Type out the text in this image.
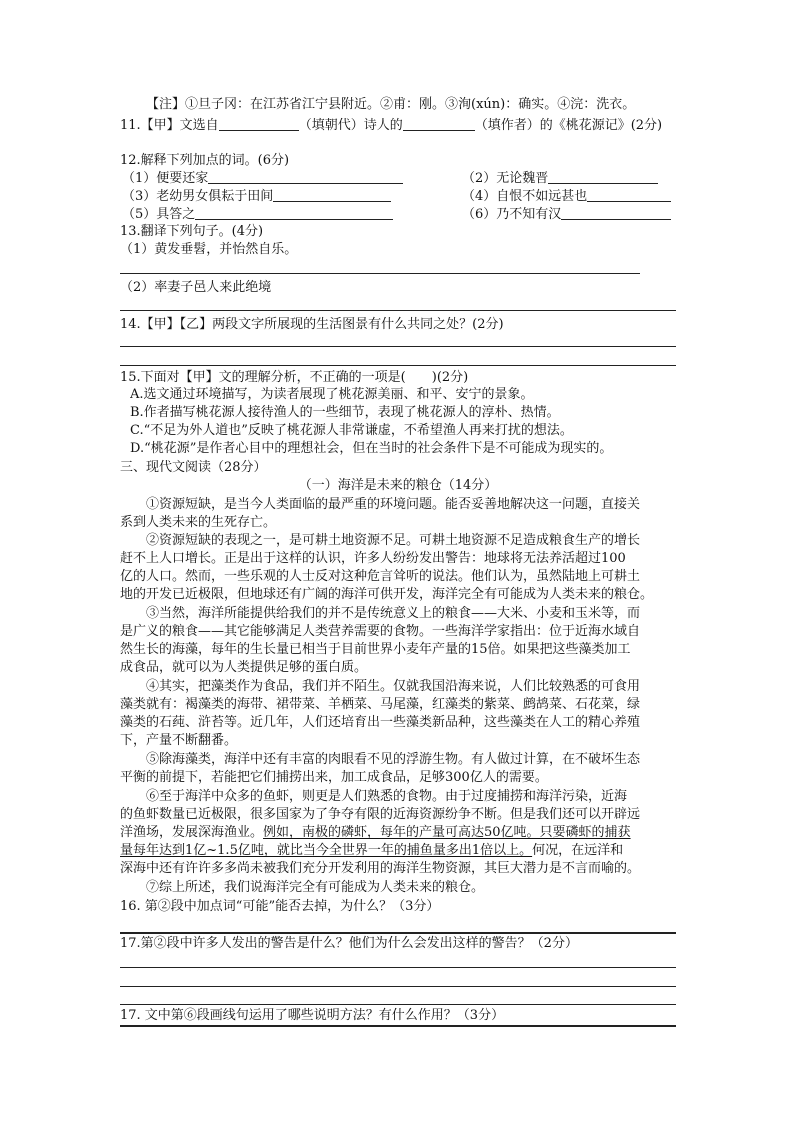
【注】①旦子冈：在江苏省江宁县附近。②甫：刚。③洵(xún)：确实。④浣：洗衣。
11.【甲】文选自	（填朝代）诗人的	（填作者）的《桃花源记》(2分)
12.解释下列加点的词。(6分)
（1）便要还家	（2）无论魏晋
（3）老幼男女俱耘于田间	（4）自恨不如远甚也
（5）具答之	（6）乃不知有汉
13.翻译下列句子。(4分)
（1）黄发垂髫，并怡然自乐。
（2）率妻子邑人来此绝境
14.【甲】【乙】两段文字所展现的生活图景有什么共同之处？(2分)
15.下面对【甲】文的理解分析，不正确的一项是(　　)(2分)
A.选文通过环境描写，为读者展现了桃花源美丽、和平、安宁的景象。
B.作者描写桃花源人接待渔人的一些细节，表现了桃花源人的淳朴、热情。
C.“不足为外人道也”反映了桃花源人非常谦虚，不希望渔人再来打扰的想法。
D.“桃花源”是作者心目中的理想社会，但在当时的社会条件下是不可能成为现实的。
三、现代文阅读（28分）
（一）海洋是未来的粮仓（14分）
①资源短缺，是当今人类面临的最严重的环境问题。能否妥善地解决这一问题，直接关
系到人类未来的生死存亡。
②资源短缺的表现之一，是可耕土地资源不足。可耕土地资源不足造成粮食生产的增长
赶不上人口增长。正是出于这样的认识，许多人纷纷发出警告：地球将无法养活超过100
亿的人口。然而，一些乐观的人士反对这种危言耸听的说法。他们认为，虽然陆地上可耕土
地的开发已近极限，但地球还有广阔的海洋可供开发，海洋完全有可能成为人类未来的粮仓。
③当然，海洋所能提供给我们的并不是传统意义上的粮食——大米、小麦和玉米等，而
是广义的粮食——其它能够满足人类营养需要的食物。一些海洋学家指出：位于近海水域自
然生长的海藻，每年的生长量已相当于目前世界小麦年产量的15倍。如果把这些藻类加工
成食品，就可以为人类提供足够的蛋白质。
④其实，把藻类作为食品，我们并不陌生。仅就我国沿海来说，人们比较熟悉的可食用
藻类就有：褐藻类的海带、裙带菜、羊栖菜、马尾藻，红藻类的紫菜、鹧鸪菜、石花菜，绿
藻类的石莼、浒苔等。近几年，人们还培育出一些藻类新品种，这些藻类在人工的精心养殖
下，产量不断翻番。
⑤除海藻类，海洋中还有丰富的肉眼看不见的浮游生物。有人做过计算，在不破坏生态
平衡的前提下，若能把它们捕捞出来，加工成食品，足够300亿人的需要。
⑥至于海洋中众多的鱼虾，则更是人们熟悉的食物。由于过度捕捞和海洋污染，近海
的鱼虾数量已近极限，很多国家为了争夺有限的近海资源纷争不断。但是我们还可以开辟远
洋渔场，发展深海渔业。例如，南极的磷虾，每年的产量可高达50亿吨。只要磷虾的捕获
量每年达到1亿~1.5亿吨，就比当今全世界一年的捕鱼量多出1倍以上。何况，在远洋和
深海中还有许许多多尚未被我们充分开发利用的海洋生物资源，其巨大潜力是不言而喻的。
⑦综上所述，我们说海洋完全有可能成为人类未来的粮仓。
16. 第②段中加点词“可能”能否去掉，为什么？（3分）
17.第②段中许多人发出的警告是什么？他们为什么会发出这样的警告？（2分）
17. 文中第⑥段画线句运用了哪些说明方法？有什么作用？（3分）
